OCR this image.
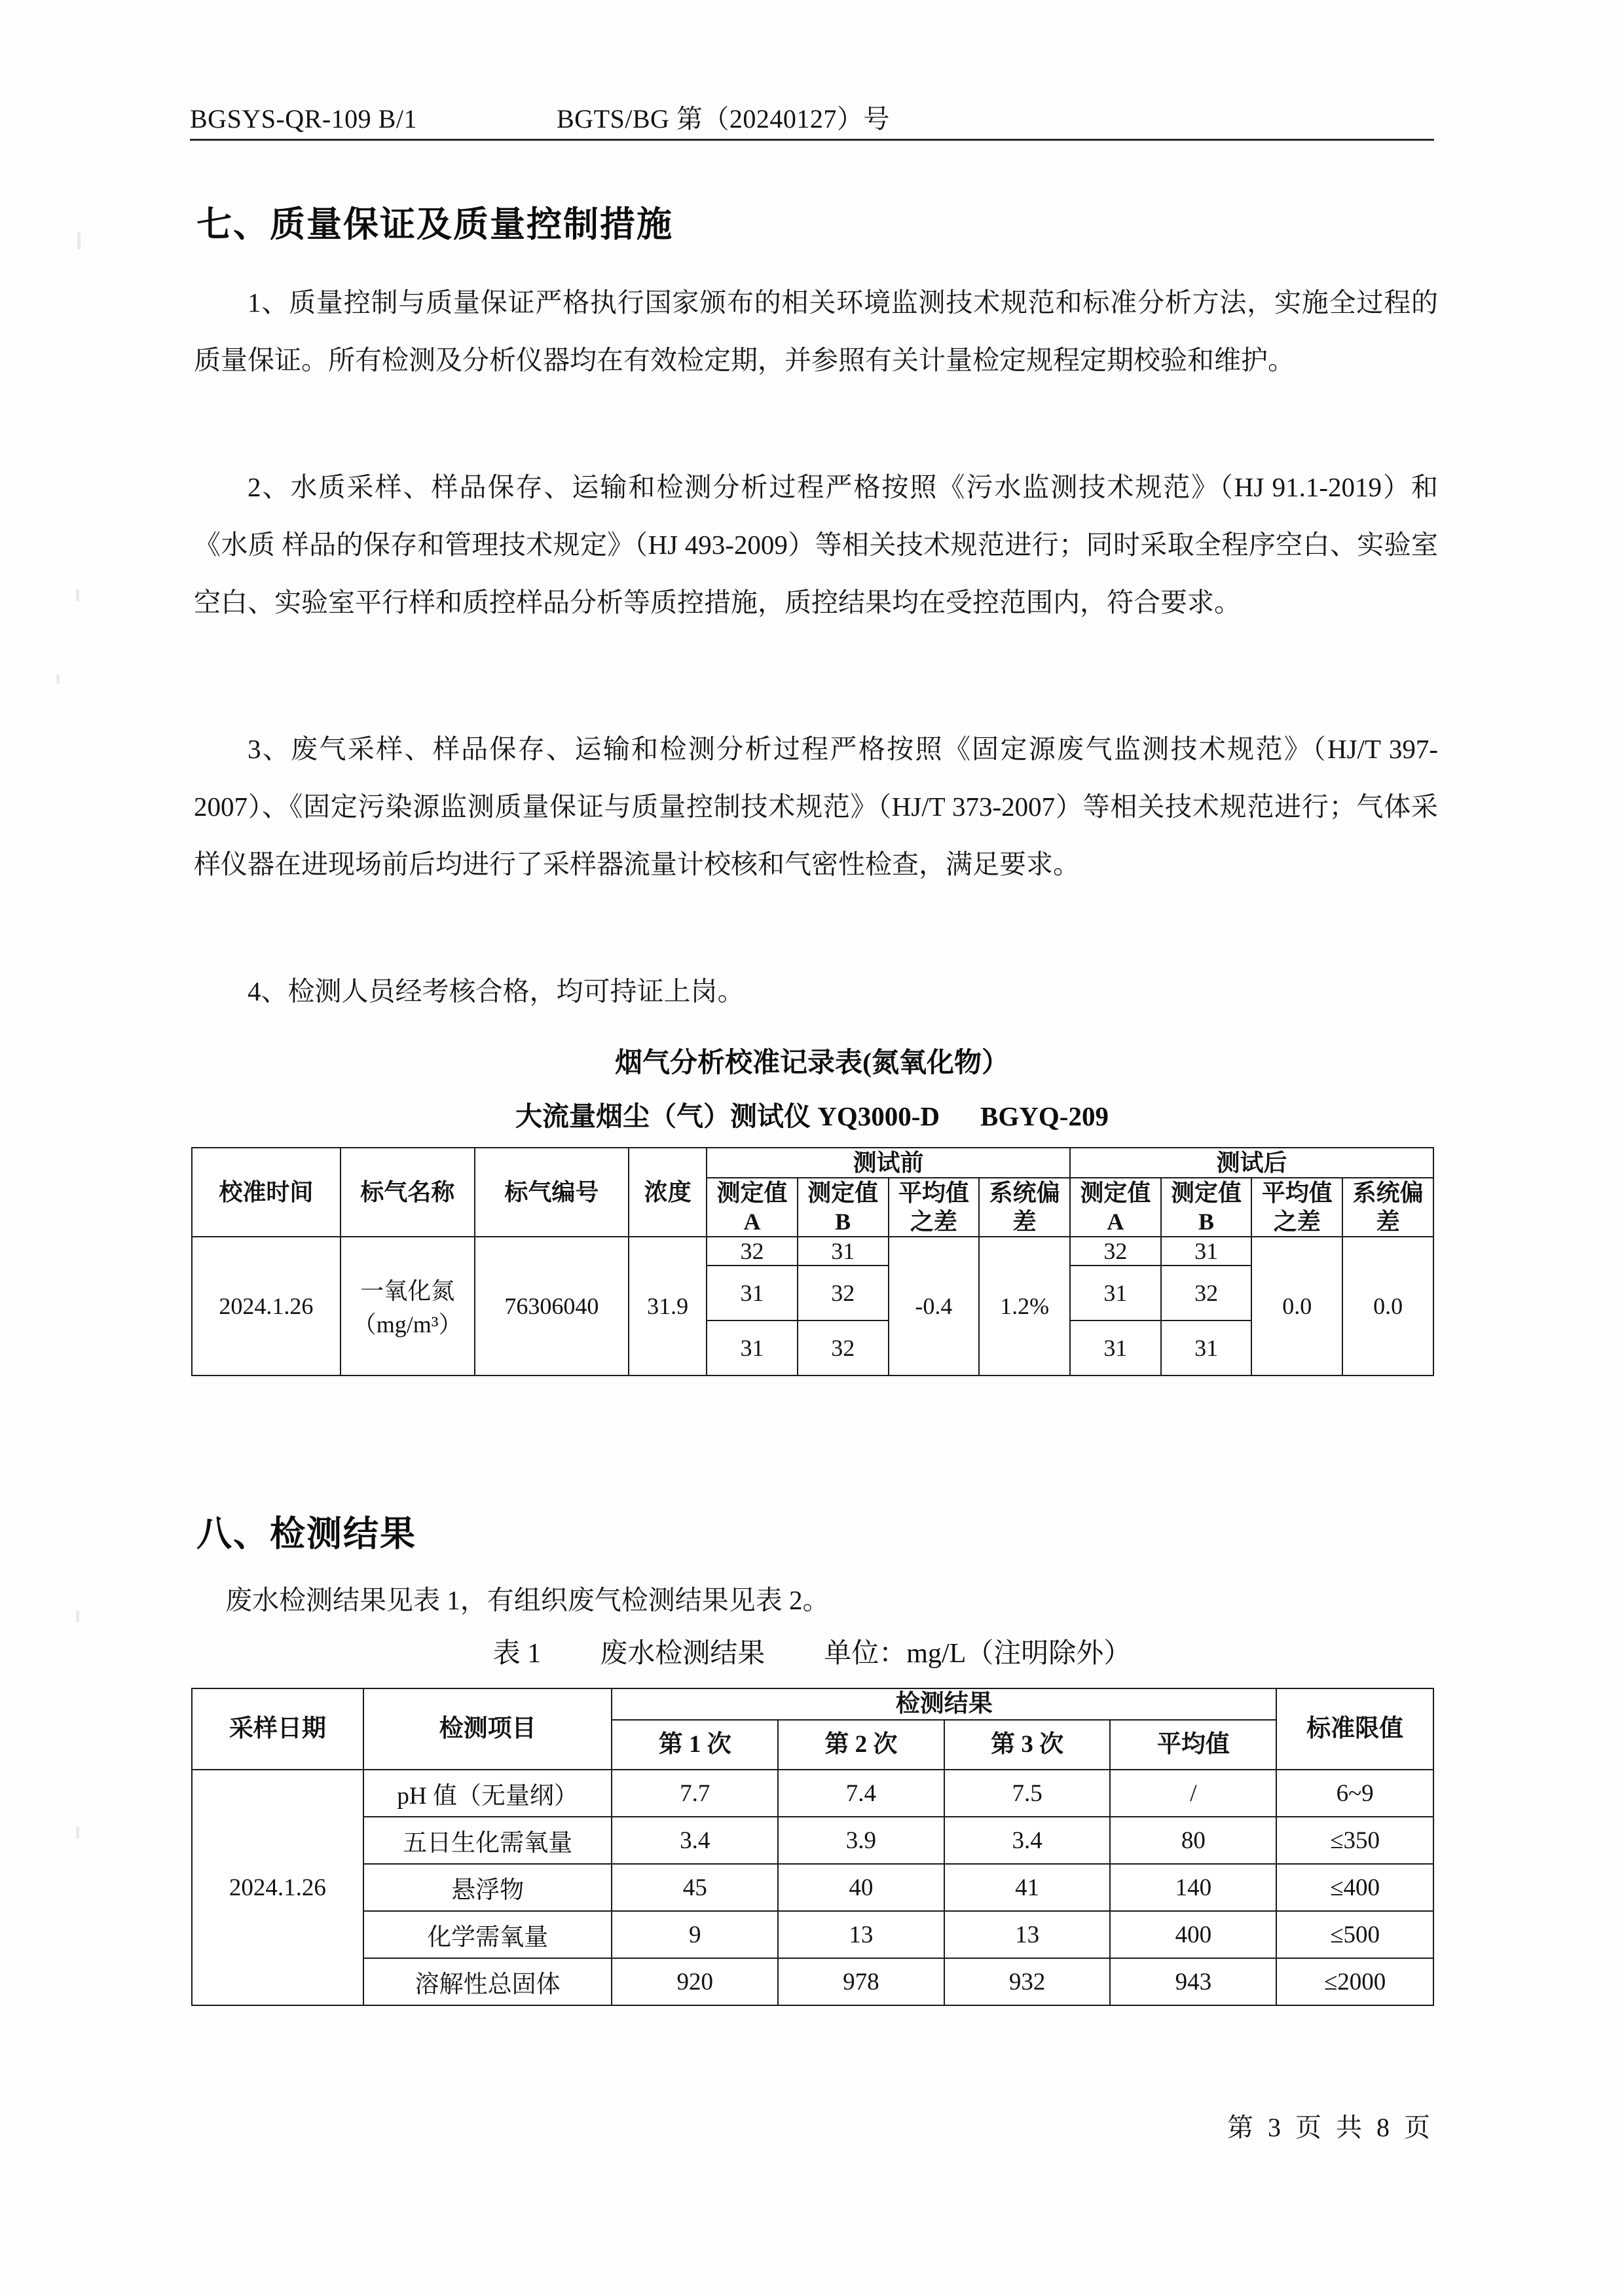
BGSYS-QR-109 B/1	BGTS/BG 第（20240127）号
七、质量保证及质量控制措施
1、质量控制与质量保证严格执行国家颁布的相关环境监测技术规范和标准分析方法，实施全过程的质量保证。所有检测及分析仪器均在有效检定期，并参照有关计量检定规程定期校验和维护。
2、水质采样、样品保存、运输和检测分析过程严格按照《污水监测技术规范》（HJ 91.1-2019）和《水质 样品的保存和管理技术规定》（HJ 493-2009）等相关技术规范进行；同时采取全程序空白、实验室空白、实验室平行样和质控样品分析等质控措施，质控结果均在受控范围内，符合要求。
3、废气采样、样品保存、运输和检测分析过程严格按照《固定源废气监测技术规范》（HJ/T 397-2007）、《固定污染源监测质量保证与质量控制技术规范》（HJ/T 373-2007）等相关技术规范进行；气体采样仪器在进现场前后均进行了采样器流量计校核和气密性检查，满足要求。
4、检测人员经考核合格，均可持证上岗。
烟气分析校准记录表(氮氧化物）
大流量烟尘（气）测试仪 YQ3000-D BGYQ-209
校准时间	标气名称	标气编号	浓度	测试前				测试后			
				测定值 A	测定值 B	平均值之差	系统偏差	测定值 A	测定值 B	平均值之差	系统偏差
2024.1.26	一氧化氮
（mg/m³）	76306040	31.9	32	31	-0.4	1.2%	32	31	0.0	0.0
				31	32			31	32		
				31	32			31	31		
八、检测结果
废水检测结果见表 1，有组织废气检测结果见表 2。
表 1 废水检测结果 单位：mg/L（注明除外）
采样日期	检测项目	检测结果				标准限值
		第 1 次	第 2 次	第 3 次	平均值	
2024.1.26	pH 值（无量纲）	7.7	7.4	7.5	/	6~9
	五日生化需氧量	3.4	3.9	3.4	80	≤350
	悬浮物	45	40	41	140	≤400
	化学需氧量	9	13	13	400	≤500
	溶解性总固体	920	978	932	943	≤2000
第 3 页 共 8 页
